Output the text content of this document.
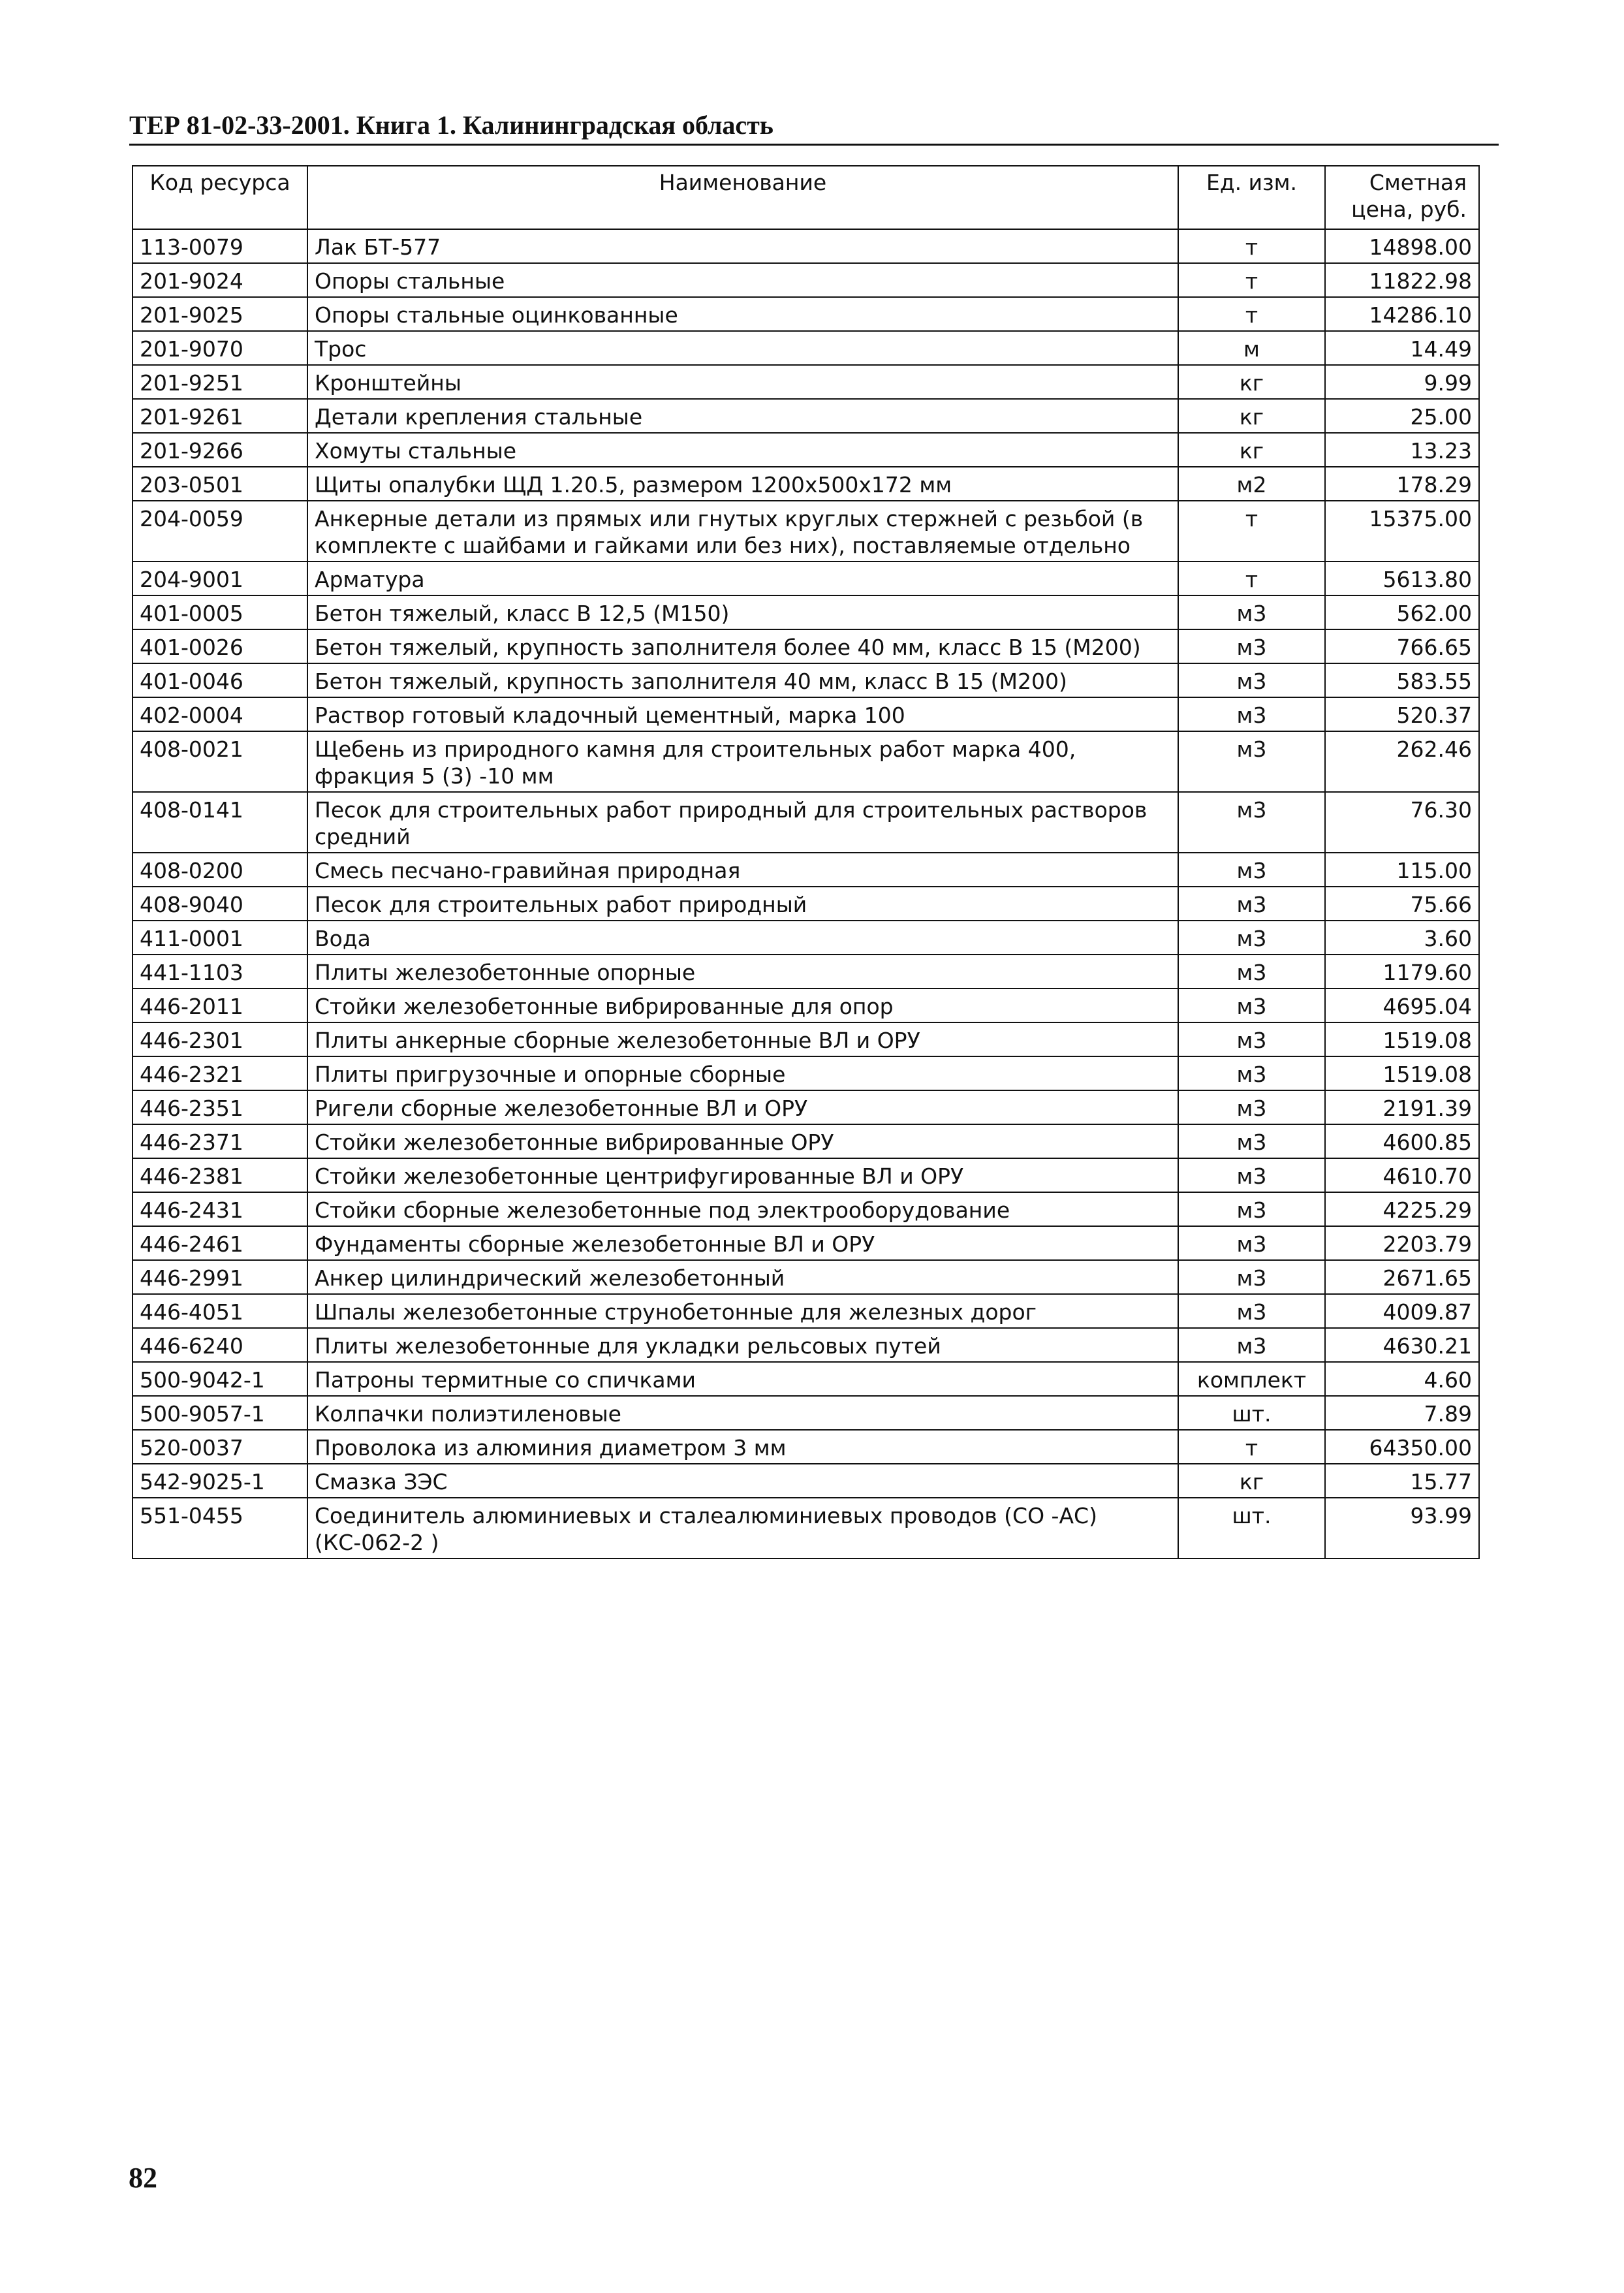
ТЕР 81-02-33-2001. Книга 1. Калининградская область
Код ресурса	Наименование	Ед. изм.	Сметная цена, руб.
113-0079	Лак БТ-577	т	14898.00
201-9024	Опоры стальные	т	11822.98
201-9025	Опоры стальные оцинкованные	т	14286.10
201-9070	Трос	м	14.49
201-9251	Кронштейны	кг	9.99
201-9261	Детали крепления стальные	кг	25.00
201-9266	Хомуты стальные	кг	13.23
203-0501	Щиты опалубки ЩД 1.20.5, размером 1200x500x172 мм	м2	178.29
204-0059	Анкерные детали из прямых или гнутых круглых стержней с резьбой (в комплекте с шайбами и гайками или без них), поставляемые отдельно	т	15375.00
204-9001	Арматура	т	5613.80
401-0005	Бетон тяжелый, класс В 12,5 (М150)	м3	562.00
401-0026	Бетон тяжелый, крупность заполнителя более 40 мм, класс В 15 (М200)	м3	766.65
401-0046	Бетон тяжелый, крупность заполнителя 40 мм, класс В 15 (М200)	м3	583.55
402-0004	Раствор готовый кладочный цементный, марка 100	м3	520.37
408-0021	Щебень из природного камня для строительных работ марка 400, фракция 5 (3) -10 мм	м3	262.46
408-0141	Песок для строительных работ природный для строительных растворов средний	м3	76.30
408-0200	Смесь песчано-гравийная природная	м3	115.00
408-9040	Песок для строительных работ природный	м3	75.66
411-0001	Вода	м3	3.60
441-1103	Плиты железобетонные опорные	м3	1179.60
446-2011	Стойки железобетонные вибрированные для опор	м3	4695.04
446-2301	Плиты анкерные сборные железобетонные ВЛ и ОРУ	м3	1519.08
446-2321	Плиты пригрузочные и опорные сборные	м3	1519.08
446-2351	Ригели сборные железобетонные ВЛ и ОРУ	м3	2191.39
446-2371	Стойки железобетонные вибрированные ОРУ	м3	4600.85
446-2381	Стойки железобетонные центрифугированные ВЛ и ОРУ	м3	4610.70
446-2431	Стойки сборные железобетонные под электрооборудование	м3	4225.29
446-2461	Фундаменты сборные железобетонные ВЛ и ОРУ	м3	2203.79
446-2991	Анкер цилиндрический железобетонный	м3	2671.65
446-4051	Шпалы железобетонные струнобетонные для железных дорог	м3	4009.87
446-6240	Плиты железобетонные для укладки рельсовых путей	м3	4630.21
500-9042-1	Патроны термитные со спичками	комплект	4.60
500-9057-1	Колпачки полиэтиленовые	шт.	7.89
520-0037	Проволока из алюминия диаметром 3 мм	т	64350.00
542-9025-1	Смазка ЗЭС	кг	15.77
551-0455	Соединитель алюминиевых и сталеалюминиевых проводов (СО -АС) (КС-062-2 )	шт.	93.99
82
